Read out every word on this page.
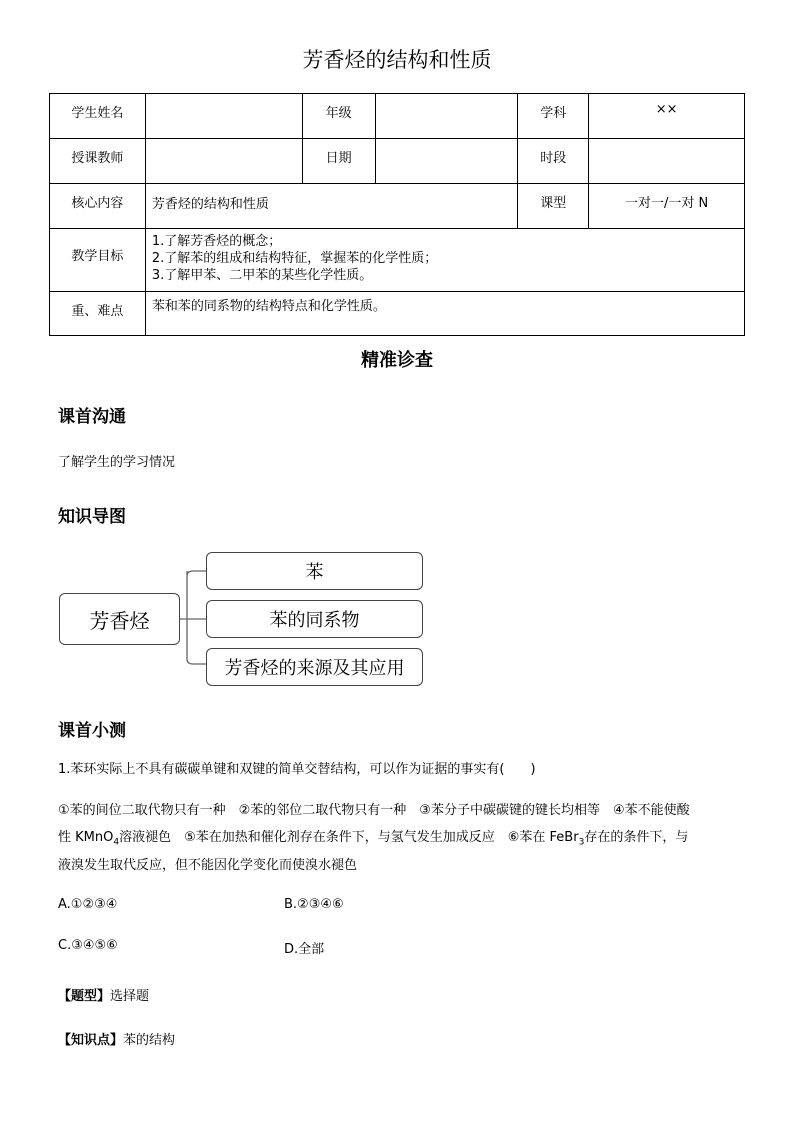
芳香烃的结构和性质
学生姓名		年级		学科	××
授课教师		日期		时段	
核心内容	芳香烃的结构和性质			课型	一对一/一对 N
教学目标	1.了解芳香烃的概念；
2.了解苯的组成和结构特征，掌握苯的化学性质；
3.了解甲苯、二甲苯的某些化学性质。				

重、难点	苯和苯的同系物的结构特点和化学性质。				
精准诊查
课首沟通
了解学生的学习情况
知识导图
芳香烃
苯
苯的同系物
芳香烃的来源及其应用
课首小测
1.苯环实际上不具有碳碳单键和双键的简单交替结构，可以作为证据的事实有(　　)
①苯的间位二取代物只有一种　②苯的邻位二取代物只有一种　③苯分子中碳碳键的键长均相等　④苯不能使酸
性 KMnO$_4$溶液褪色　⑤苯在加热和催化剂存在条件下，与氢气发生加成反应　⑥苯在 FeBr$_3$存在的条件下，与
液溴发生取代反应，但不能因化学变化而使溴水褪色
A.①②③④	B.②③④⑥
C.③④⑤⑥	D.全部
【题型】选择题
【知识点】苯的结构
